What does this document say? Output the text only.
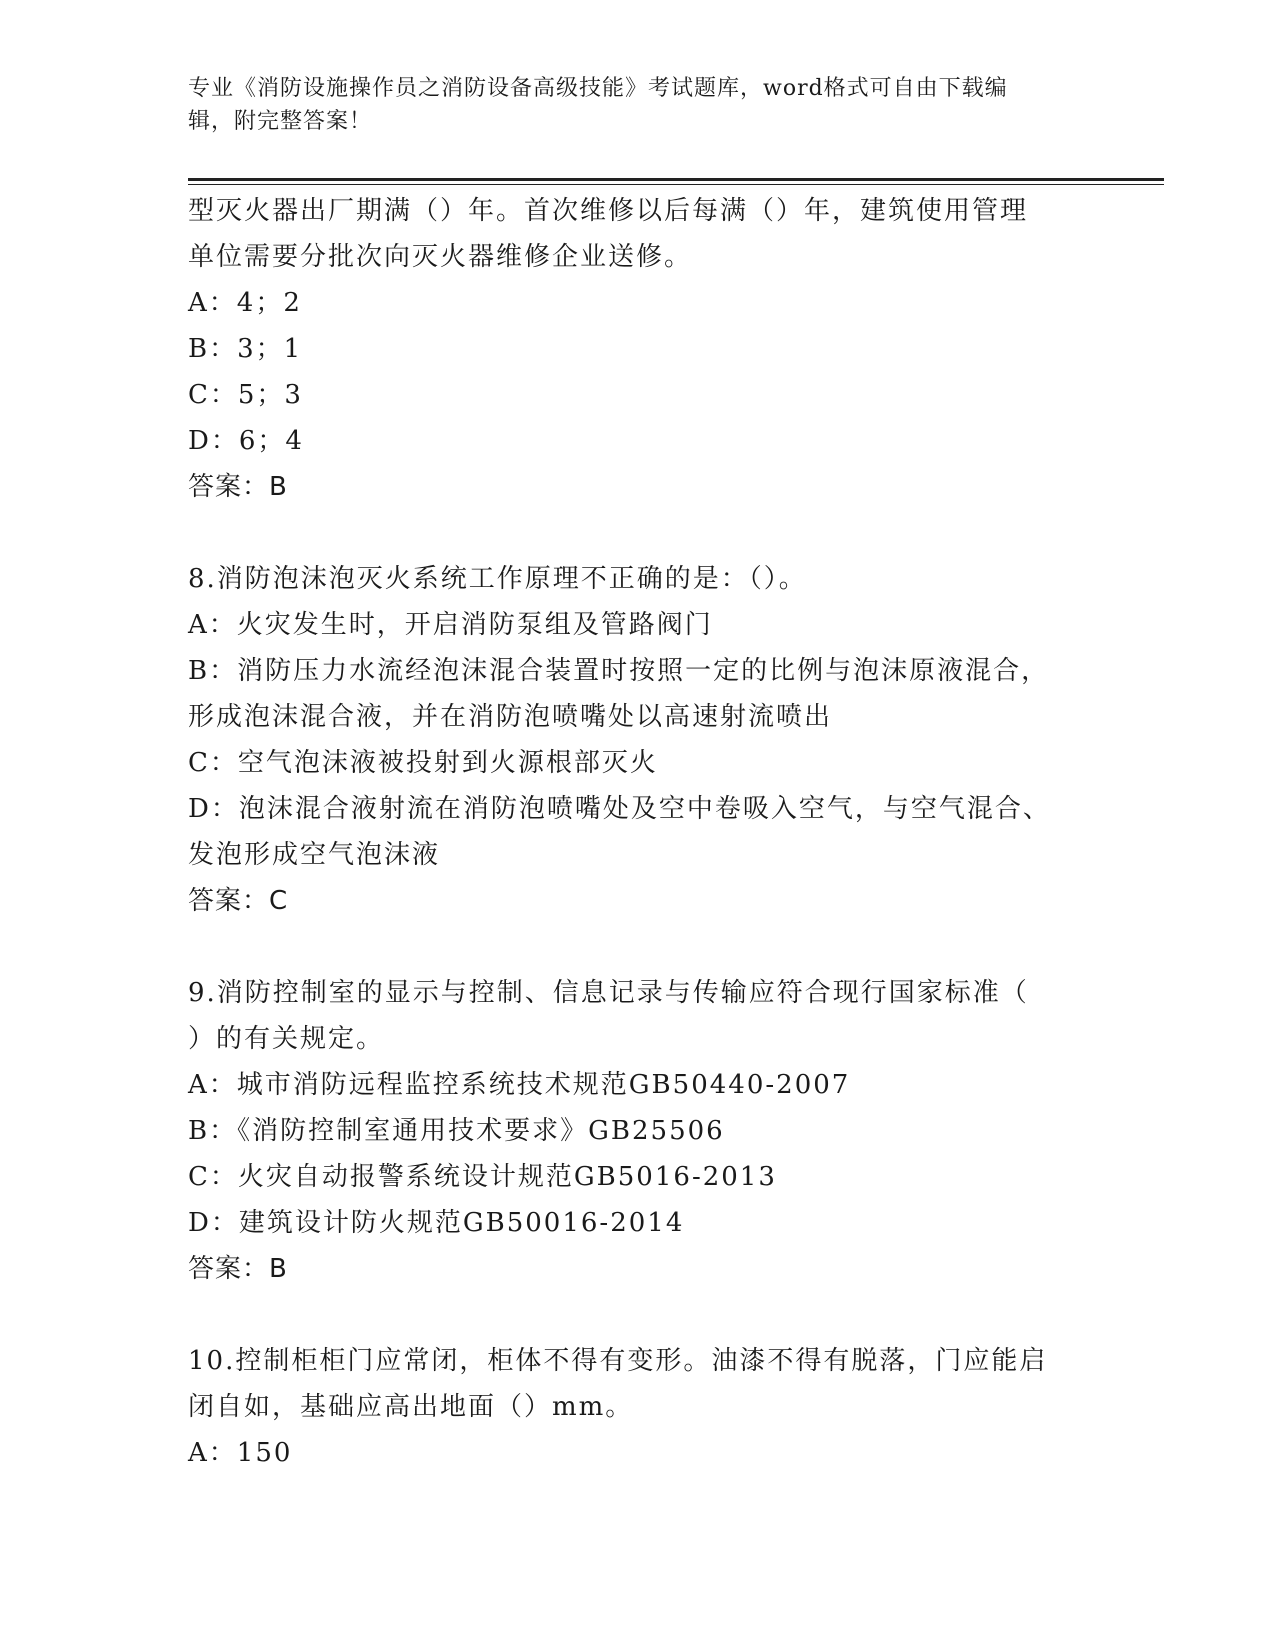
专业《消防设施操作员之消防设备高级技能》考试题库，word格式可自由下载编
辑，附完整答案！
型灭火器出厂期满（）年。首次维修以后每满（）年，建筑使用管理
单位需要分批次向灭火器维修企业送修。
A：4；2
B：3；1
C：5；3
D：6；4
答案：B
8.消防泡沫泡灭火系统工作原理不正确的是：（）。
A：火灾发生时，开启消防泵组及管路阀门
B：消防压力水流经泡沫混合装置时按照一定的比例与泡沫原液混合，
形成泡沫混合液，并在消防泡喷嘴处以高速射流喷出
C：空气泡沫液被投射到火源根部灭火
D：泡沫混合液射流在消防泡喷嘴处及空中卷吸入空气，与空气混合、
发泡形成空气泡沫液
答案：C
9.消防控制室的显示与控制、信息记录与传输应符合现行国家标准（
）的有关规定。
A：城市消防远程监控系统技术规范GB50440-2007
B：《消防控制室通用技术要求》GB25506
C：火灾自动报警系统设计规范GB5016-2013
D：建筑设计防火规范GB50016-2014
答案：B
10.控制柜柜门应常闭，柜体不得有变形。油漆不得有脱落，门应能启
闭自如，基础应高出地面（）mm。
A：150
